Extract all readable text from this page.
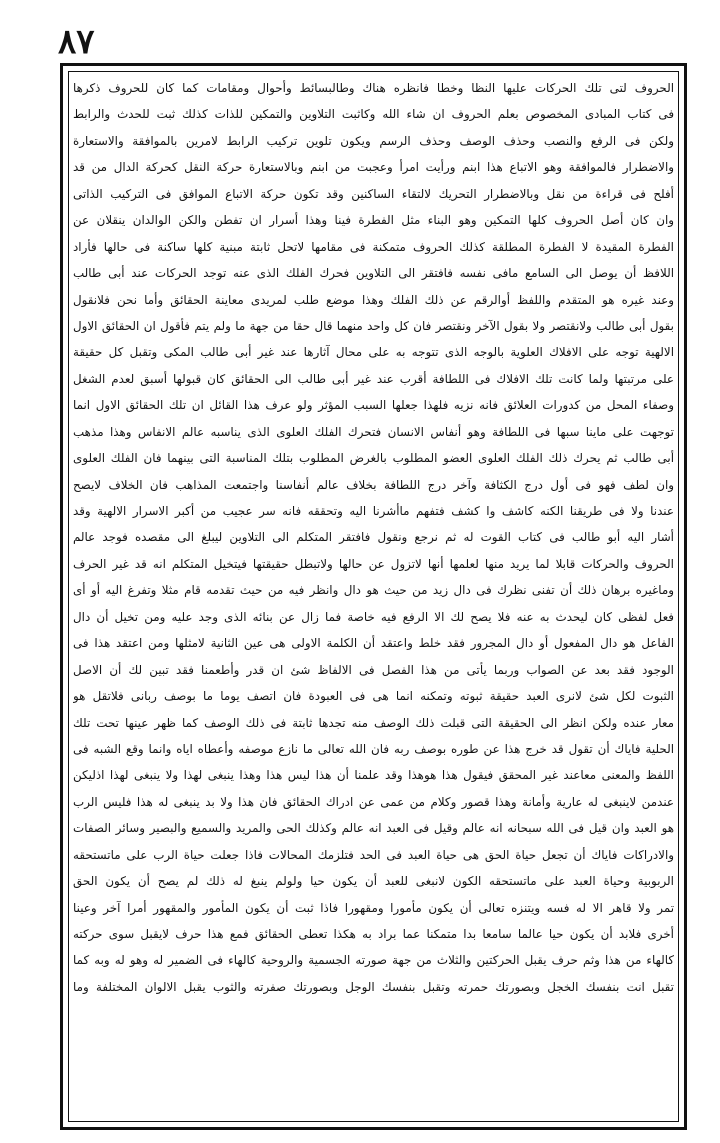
٨٧
الحروف لتى تلك الحركات عليها النظا وخطا فانظره هناك وطالبسائط وأحوال ومقامات كما كان للحروف ذكرها
فى كتاب المبادى المخصوص بعلم الحروف ان شاء الله وكاثبت التلاوين والتمكين للذات كذلك ثبت للحدث والرابط
ولكن فى الرفع والنصب وحذف الوصف وحذف الرسم ويكون تلوين تركيب الرابط لامرين بالموافقة والاستعارة
والاضطرار فالموافقة وهو الاتباع هذا ابنم ورأيت امرأ وعجبت من ابنم وبالاستعارة حركة النقل كحركة الدال من قد
أفلح فى قراءة من نقل وبالاضطرار التحريك لالتقاء الساكنين وقد تكون حركة الاتباع الموافق فى التركيب الذاتى
وان كان أصل الحروف كلها التمكين وهو البناء مثل الفطرة فينا وهذا أسرار ان تفطن والكن الوالدان ينقلان عن
الفطرة المقيدة لا الفطرة المطلقة كذلك الحروف متمكنة فى مقامها لاتحل ثابتة مبنية كلها ساكنة فى حالها فأراد
اللافظ أن يوصل الى السامع مافى نفسه فافتقر الى التلاوين فحرك الفلك الذى عنه توجد الحركات عند أبى طالب
وعند غيره هو المتقدم واللفظ أوالرقم عن ذلك الفلك وهذا موضع طلب لمريدى معاينة الحقائق وأما نحن فلانقول
بقول أبى طالب ولانقتصر ولا بقول الآخر ونقتصر فان كل واحد منهما قال حقا من جهة ما ولم يتم فأقول ان الحقائق الاول
الالهية توجه على الافلاك العلوية بالوجه الذى تتوجه به على محال آثارها عند غير أبى طالب المكى وتقبل كل حقيقة
على مرتبتها ولما كانت تلك الافلاك فى اللطافة أقرب عند غير أبى طالب الى الحقائق كان قبولها أسبق لعدم الشغل
وصفاء المحل من كدورات العلائق فانه نزيه فلهذا جعلها السبب المؤثر ولو عرف هذا القائل ان تلك الحقائق الاول انما
توجهت على ماينا سبها فى اللطافة وهو أنفاس الانسان فتحرك الفلك العلوى الذى يناسبه عالم الانفاس وهذا مذهب
أبى طالب ثم يحرك ذلك الفلك العلوى العضو المطلوب بالغرض المطلوب بتلك المناسبة التى بينهما فان الفلك العلوى
وان لطف فهو فى أول درج الكثافة وآخر درج اللطافة بخلاف عالم أنفاسنا واجتمعت المذاهب فان الخلاف لايصح
عندنا ولا فى طريقنا الكنه كاشف وا كشف فتفهم ماأشرنا اليه وتحققه فانه سر عجيب من أكبر الاسرار الالهية وقد
أشار اليه أبو طالب فى كتاب القوت له ثم نرجع ونقول فافتقر المتكلم الى التلاوين ليبلغ الى مقصده فوجد عالم
الحروف والحركات قابلا لما يريد منها لعلمها أنها لاتزول عن حالها ولاتبطل حقيقتها فيتخيل المتكلم انه قد غير الحرف
وماغيره برهان ذلك أن تفنى نظرك فى دال زيد من حيث هو دال وانظر فيه من حيث تقدمه قام مثلا وتفرغ اليه أو أى
فعل لفظى كان ليحدث به عنه فلا يصح لك الا الرفع فيه خاصة فما زال عن بنائه الذى وجد عليه ومن تخيل أن دال
الفاعل هو دال المفعول أو دال المجرور فقد خلط واعتقد أن الكلمة الاولى هى عين الثانية لامثلها ومن اعتقد هذا فى
الوجود فقد بعد عن الصواب وربما يأتى من هذا الفصل فى الالفاظ شئ ان قدر وأطعمنا فقد تبين لك أن الاصل
الثبوت لكل شئ لانرى العبد حقيقة ثبوته وتمكنه انما هى فى العبودة فان اتصف يوما ما بوصف ربانى فلاتقل هو
معار عنده ولكن انظر الى الحقيقة التى قبلت ذلك الوصف منه تجدها ثابتة فى ذلك الوصف كما ظهر عينها تحت تلك
الحلية فاياك أن تقول قد خرج هذا عن طوره بوصف ربه فان الله تعالى ما نازع موصفه وأعطاه اياه وانما وقع الشبه فى
اللفظ والمعنى معاعند غير المحقق فيقول هذا هوهذا وقد علمنا أن هذا ليس هذا وهذا ينبغى لهذا ولا ينبغى لهذا اذليكن
عندمن لاينبغى له عارية وأمانة وهذا قصور وكلام من عمى عن ادراك الحقائق فان هذا ولا بد ينبغى له هذا فليس الرب
هو العبد وان قيل فى الله سبحانه انه عالم وقيل فى العبد انه عالم وكذلك الحى والمريد والسميع والبصير وسائر الصفات
والادراكات فاياك أن تجعل حياة الحق هى حياة العبد فى الحد فتلزمك المحالات فاذا جعلت حياة الرب على ماتستحقه
الربوبية وحياة العبد على ماتستحقه الكون لانبغى للعبد أن يكون حيا ولولم ينبغ له ذلك لم يصح أن يكون الحق
تمر ولا قاهر الا له فسه ويتنزه تعالى أن يكون مأمورا ومقهورا فاذا ثبت أن يكون المأمور والمقهور أمرا آخر وعينا
أخرى فلابد أن يكون حيا عالما سامعا بدا متمكنا عما براد به هكذا تعطى الحقائق فمع هذا حرف لايقبل سوى حركته
كالهاء من هذا وثم حرف يقبل الحركتين والثلاث من جهة صورته الجسمية والروحية كالهاء فى الضمير له وهو له وبه كما
تقبل انت بنفسك الخجل وبصورتك حمرته وتقبل بنفسك الوجل وبصورتك صفرته والثوب يقبل الالوان المختلفة وما
